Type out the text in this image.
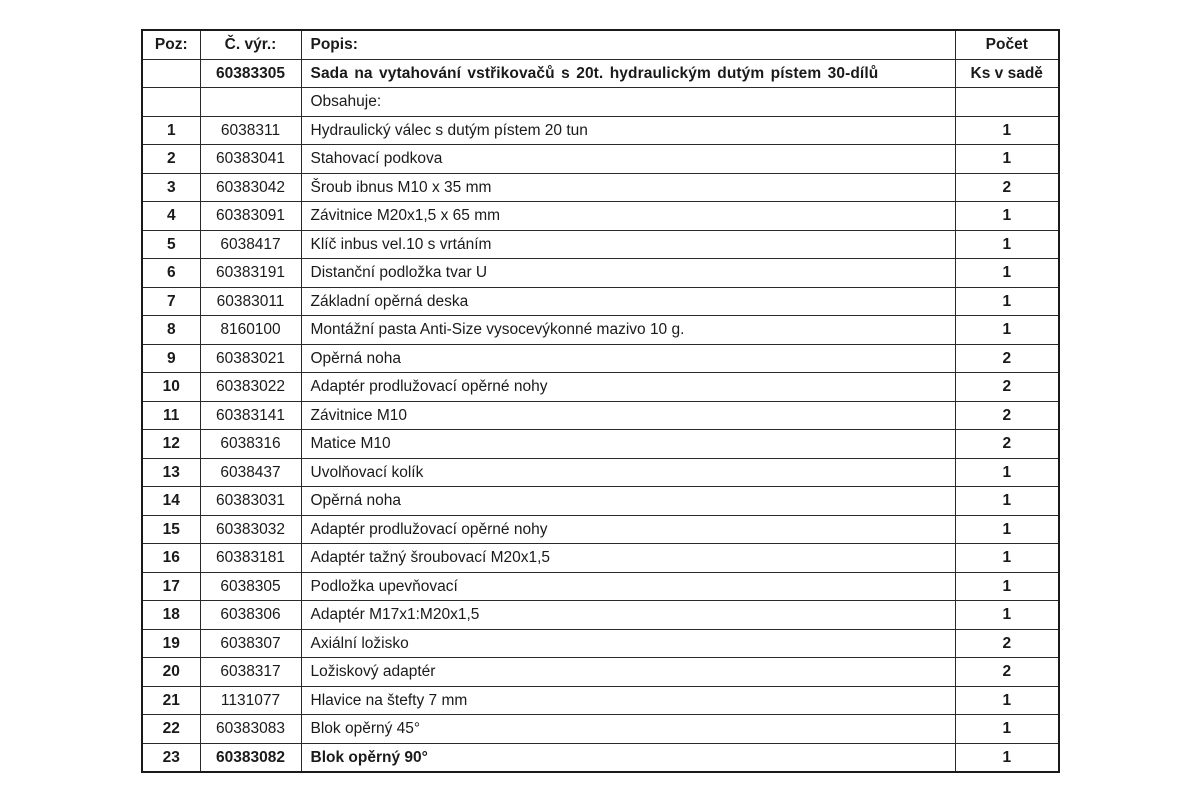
Poz:	Č. výr.:	Popis:	Počet
	60383305	Sada na vytahování vstřikovačů s 20t. hydraulickým dutým pístem 30-dílů	Ks v sadě
		Obsahuje:	
1	6038311	Hydraulický válec s dutým pístem 20 tun	1
2	60383041	Stahovací podkova	1
3	60383042	Šroub ibnus M10 x 35 mm	2
4	60383091	Závitnice M20x1,5 x 65 mm	1
5	6038417	Klíč inbus vel.10 s vrtáním	1
6	60383191	Distanční podložka tvar U	1
7	60383011	Základní opěrná deska	1
8	8160100	Montážní pasta Anti-Size vysocevýkonné mazivo 10 g.	1
9	60383021	Opěrná noha	2
10	60383022	Adaptér prodlužovací opěrné nohy	2
11	60383141	Závitnice M10	2
12	6038316	Matice M10	2
13	6038437	Uvolňovací kolík	1
14	60383031	Opěrná noha	1
15	60383032	Adaptér prodlužovací opěrné nohy	1
16	60383181	Adaptér tažný šroubovací M20x1,5	1
17	6038305	Podložka upevňovací	1
18	6038306	Adaptér M17x1:M20x1,5	1
19	6038307	Axiální ložisko	2
20	6038317	Ložiskový adaptér	2
21	1131077	Hlavice na štefty 7 mm	1
22	60383083	Blok opěrný 45°	1
23	60383082	Blok opěrný 90°	1
